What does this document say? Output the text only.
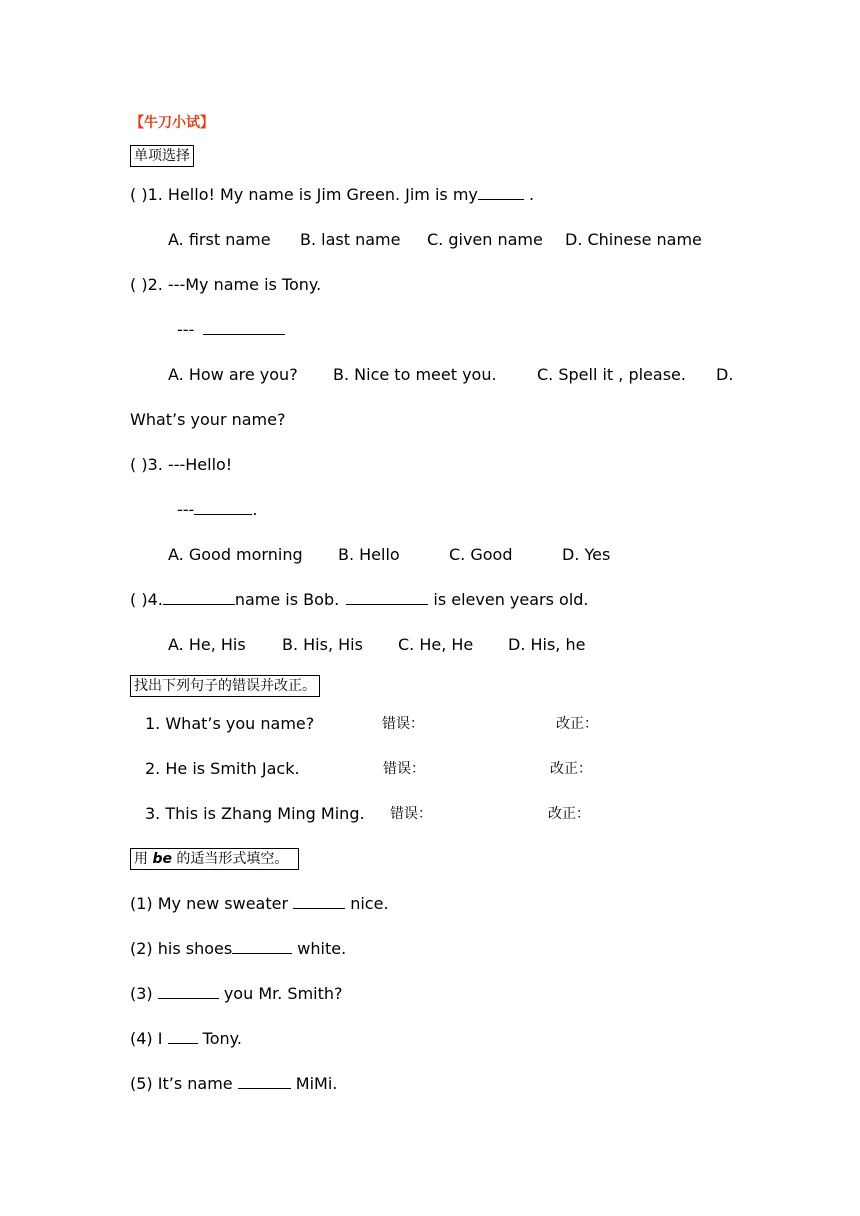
【牛刀小试】
单项选择
( )1. Hello! My name is Jim Green. Jim is my	.
A. first name B. last name C. given name D. Chinese name
( )2. ---My name is Tony.
---
A. How are you? B. Nice to meet you.	C. Spell it , please. D.
What’s your name?
( )3. ---Hello!
---	.
A. Good morning B. Hello	C. Good	D. Yes
( )4.	name is Bob.	is eleven years old.
A. He, His B. His, His C. He, He D. His, he
找出下列句子的错误并改正。
1. What’s you name?	错误：	改正：
2. He is Smith Jack.	错误：	改正：
3. This is Zhang Ming Ming. 错误：	改正：
用 be 的适当形式填空。
(1) My new sweater	nice.
(2) his shoes	white.
(3)	you Mr. Smith?
(4) I  Tony.
(5) It’s name	MiMi.
